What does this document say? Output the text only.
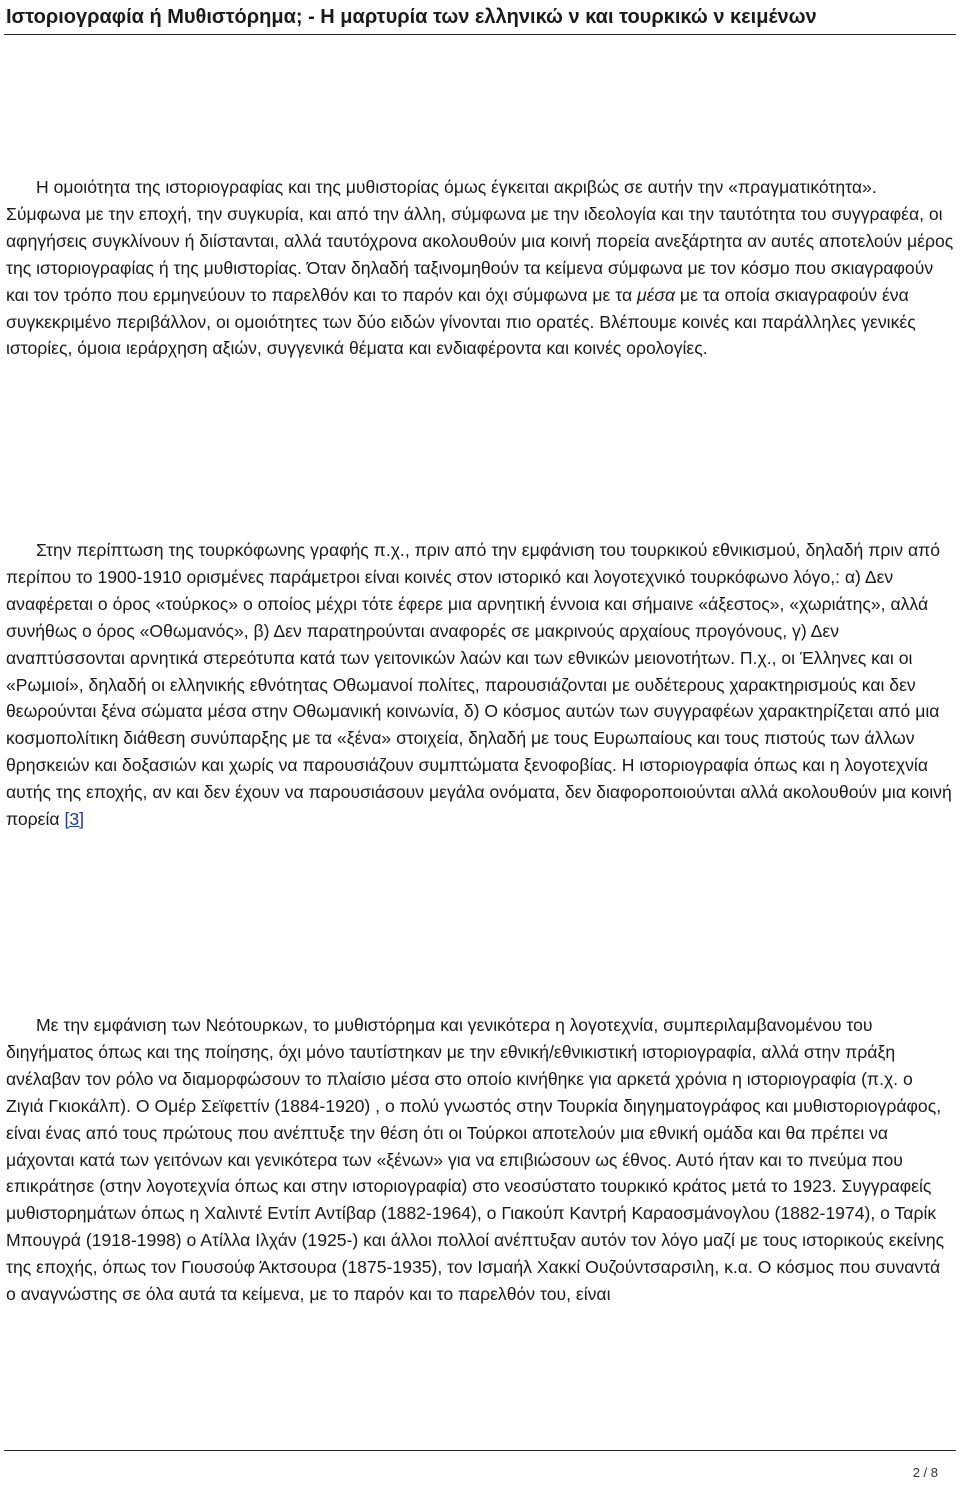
Ιστοριογραφία ή Μυθιστόρημα; - Η μαρτυρία των ελληνικώ ν και τουρκικώ ν κειμένων

Η ομοιότητα της ιστοριογραφίας και της μυθιστορίας όμως έγκειται ακριβώς σε αυτήν την «πραγματικότητα». Σύμφωνα με την εποχή, την συγκυρία, και από την άλλη, σύμφωνα με την ιδεολογία και την ταυτότητα του συγγραφέα, οι αφηγήσεις συγκλίνουν ή διίστανται, αλλά ταυτόχρονα ακολουθούν μια κοινή πορεία ανεξάρτητα αν αυτές αποτελούν μέρος της ιστοριογραφίας ή της μυθιστορίας. Όταν δηλαδή ταξινομηθούν τα κείμενα σύμφωνα με τον κόσμο που σκιαγραφούν και τον τρόπο που ερμηνεύουν το παρελθόν και το παρόν και όχι σύμφωνα με τα μέσα με τα οποία σκιαγραφούν ένα συγκεκριμένο περιβάλλον, οι ομοιότητες των δύο ειδών γίνονται πιο ορατές. Βλέπουμε κοινές και παράλληλες γενικές ιστορίες, όμοια ιεράρχηση αξιών, συγγενικά θέματα και ενδιαφέροντα και κοινές ορολογίες.

Στην περίπτωση της τουρκόφωνης γραφής π.χ., πριν από την εμφάνιση του τουρκικού εθνικισμού, δηλαδή πριν από περίπου το 1900-1910 ορισμένες παράμετροι είναι κοινές στον ιστορικό και λογοτεχνικό τουρκόφωνο λόγο,: α) Δεν αναφέρεται ο όρος «τούρκος» ο οποίος μέχρι τότε έφερε μια αρνητική έννοια και σήμαινε «άξεστος», «χωριάτης», αλλά συνήθως ο όρος «Οθωμανός», β) Δεν παρατηρούνται αναφορές σε μακρινούς αρχαίους προγόνους, γ) Δεν αναπτύσσονται αρνητικά στερεότυπα κατά των γειτονικών λαών και των εθνικών μειονοτήτων. Π.χ., οι Έλληνες και οι «Ρωμιοί», δηλαδή οι ελληνικής εθνότητας Οθωμανοί πολίτες, παρουσιάζονται με ουδέτερους χαρακτηρισμούς και δεν θεωρούνται ξένα σώματα μέσα στην Οθωμανική κοινωνία, δ) Ο κόσμος αυτών των συγγραφέων χαρακτηρίζεται από μια κοσμοπολίτικη διάθεση συνύπαρξης με τα «ξένα» στοιχεία, δηλαδή με τους Ευρωπαίους και τους πιστούς των άλλων θρησκειών και δοξασιών και χωρίς να παρουσιάζουν συμπτώματα ξενοφοβίας. Η ιστοριογραφία όπως και η λογοτεχνία αυτής της εποχής, αν και δεν έχουν να παρουσιάσουν μεγάλα ονόματα, δεν διαφοροποιούνται αλλά ακολουθούν μια κοινή πορεία [3]

Με την εμφάνιση των Νεότουρκων, το μυθιστόρημα και γενικότερα η λογοτεχνία, συμπεριλαμβανομένου του διηγήματος όπως και της ποίησης, όχι μόνο ταυτίστηκαν με την εθνική/εθνικιστική ιστοριογραφία, αλλά στην πράξη ανέλαβαν τον ρόλο να διαμορφώσουν το πλαίσιο μέσα στο οποίο κινήθηκε για αρκετά χρόνια η ιστοριογραφία (π.χ. ο Ζιγιά Γκιοκάλπ). Ο Ομέρ Σεϊφεττίν (1884-1920) , ο πολύ γνωστός στην Τουρκία διηγηματογράφος και μυθιστοριογράφος, είναι ένας από τους πρώτους που ανέπτυξε την θέση ότι οι Τούρκοι αποτελούν μια εθνική ομάδα και θα πρέπει να μάχονται κατά των γειτόνων και γενικότερα των «ξένων» για να επιβιώσουν ως έθνος. Αυτό ήταν και το πνεύμα που επικράτησε (στην λογοτεχνία όπως και στην ιστοριογραφία) στο νεοσύστατο τουρκικό κράτος μετά το 1923. Συγγραφείς μυθιστορημάτων όπως η Χαλιντέ Εντίπ Αντίβαρ (1882-1964), ο Γιακούπ Καντρή Καραοσμάνογλου (1882-1974), ο Ταρίκ Μπουγρά (1918-1998) ο Ατίλλα Ιλχάν (1925-) και άλλοι πολλοί ανέπτυξαν αυτόν τον λόγο μαζί με τους ιστορικούς εκείνης της εποχής, όπως τον Γιουσούφ Άκτσουρα (1875-1935), τον Ισμαήλ Χακκί Ουζούντσαρσιλη, κ.α. Ο κόσμος που συναντά ο αναγνώστης σε όλα αυτά τα κείμενα, με το παρόν και το παρελθόν του, είναι

2 / 8
